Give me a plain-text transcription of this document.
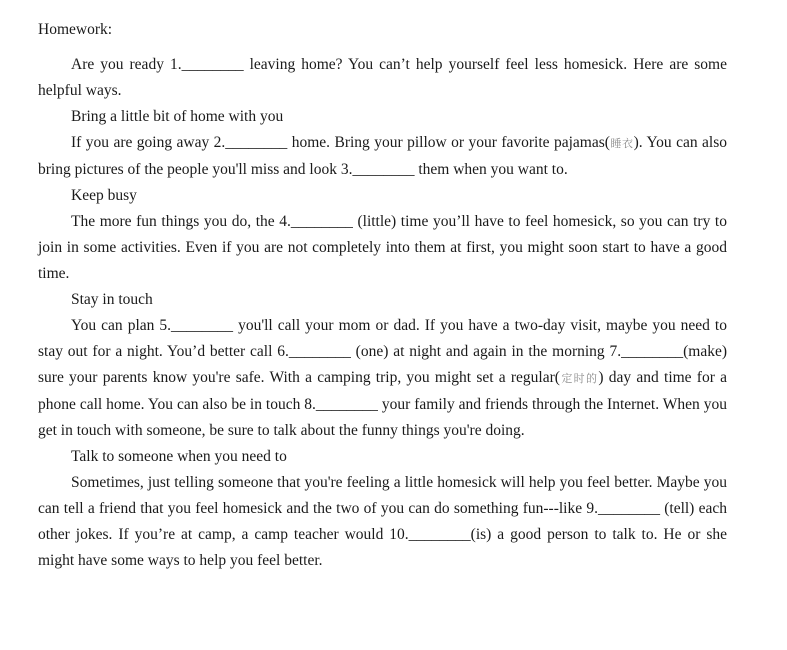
Homework:

Are you ready 1.________ leaving home? You can’t help yourself feel less homesick. Here are some helpful ways.

Bring a little bit of home with you

If you are going away 2.________ home. Bring your pillow or your favorite pajamas(睡衣). You can also bring pictures of the people you'll miss and look 3.________ them when you want to.

Keep busy

The more fun things you do, the 4.________ (little) time you’ll have to feel homesick, so you can try to join in some activities. Even if you are not completely into them at first, you might soon start to have a good time.

Stay in touch

You can plan 5.________ you'll call your mom or dad. If you have a two-day visit, maybe you need to stay out for a night. You’d better call 6.________ (one) at night and again in the morning 7.________(make) sure your parents know you're safe. With a camping trip, you might set a regular(定时的) day and time for a phone call home. You can also be in touch 8.________ your family and friends through the Internet. When you get in touch with someone, be sure to talk about the funny things you're doing.

Talk to someone when you need to

Sometimes, just telling someone that you're feeling a little homesick will help you feel better. Maybe you can tell a friend that you feel homesick and the two of you can do something fun---like 9.________ (tell) each other jokes. If you’re at camp, a camp teacher would 10.________(is) a good person to talk to. He or she might have some ways to help you feel better.
